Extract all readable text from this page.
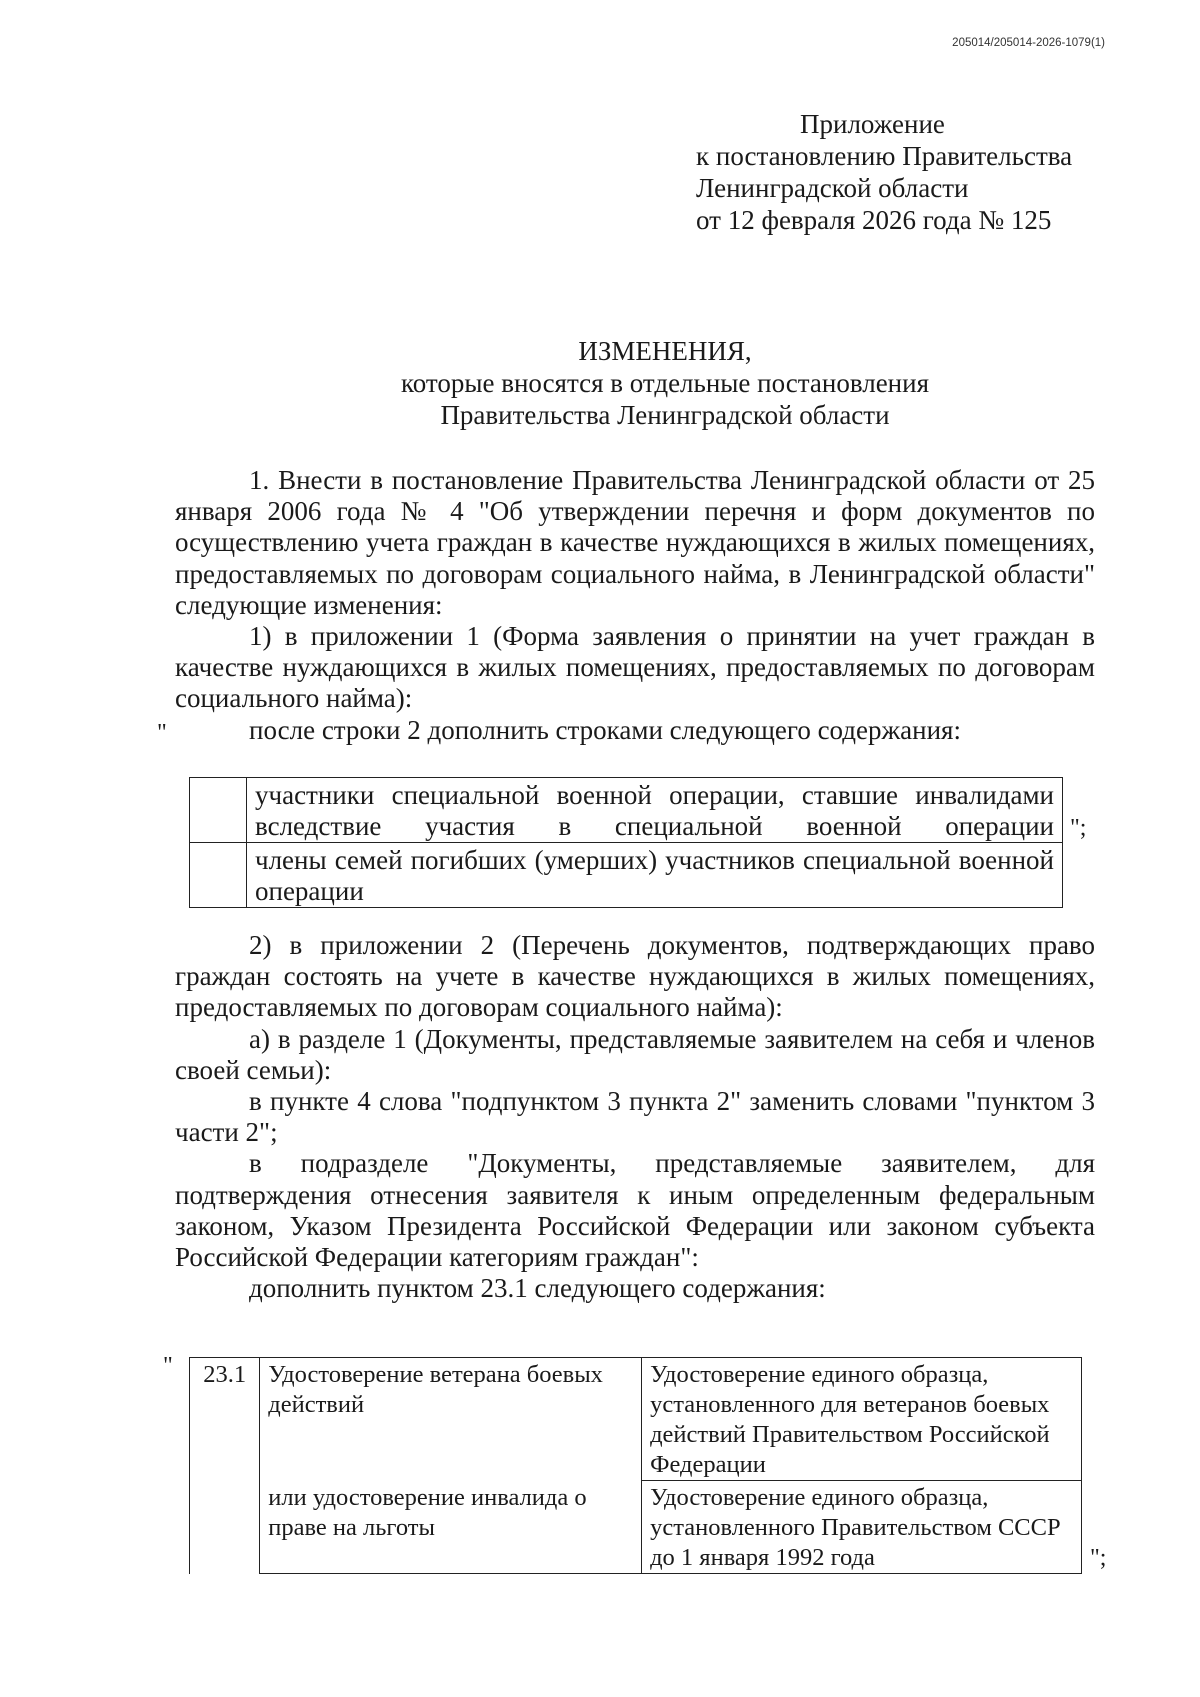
205014/205014-2026-1079(1)
Приложение
к постановлению Правительства
Ленинградской области
от 12 февраля 2026 года № 125
ИЗМЕНЕНИЯ,
которые вносятся в отдельные постановления
Правительства Ленинградской области

1. Внести в постановление Правительства Ленинградской области от 25 января 2006 года № 4 "Об утверждении перечня и форм документов по осуществлению учета граждан в качестве нуждающихся в жилых помещениях, предоставляемых по договорам социального найма, в Ленинградской области" следующие изменения:

1) в приложении 1 (Форма заявления о принятии на учет граждан в качестве нуждающихся в жилых помещениях, предоставляемых по договорам социального найма):

после строки 2 дополнить строками следующего содержания:

"
	участники специальной военной операции, ставшие инвалидами вследствие участия в специальной военной операции
	члены семей погибших (умерших) участников специальной военной операции
";

2) в приложении 2 (Перечень документов, подтверждающих право граждан состоять на учете в качестве нуждающихся в жилых помещениях, предоставляемых по договорам социального найма):

а) в разделе 1 (Документы, представляемые заявителем на себя и членов своей семьи):

в пункте 4 слова "подпунктом 3 пункта 2" заменить словами "пунктом 3 части 2";

в подразделе "Документы, представляемые заявителем, для подтверждения отнесения заявителя к иным определенным федеральным законом, Указом Президента Российской Федерации или законом субъекта Российской Федерации категориям граждан":

дополнить пунктом 23.1 следующего содержания:

" 23.1	Удостоверение ветерана боевых действий	Удостоверение единого образца, установленного для ветеранов боевых действий Правительством Российской Федерации

	или удостоверение инвалида о праве на льготы	Удостоверение единого образца, установленного Правительством СССР до 1 января 1992 года	";
